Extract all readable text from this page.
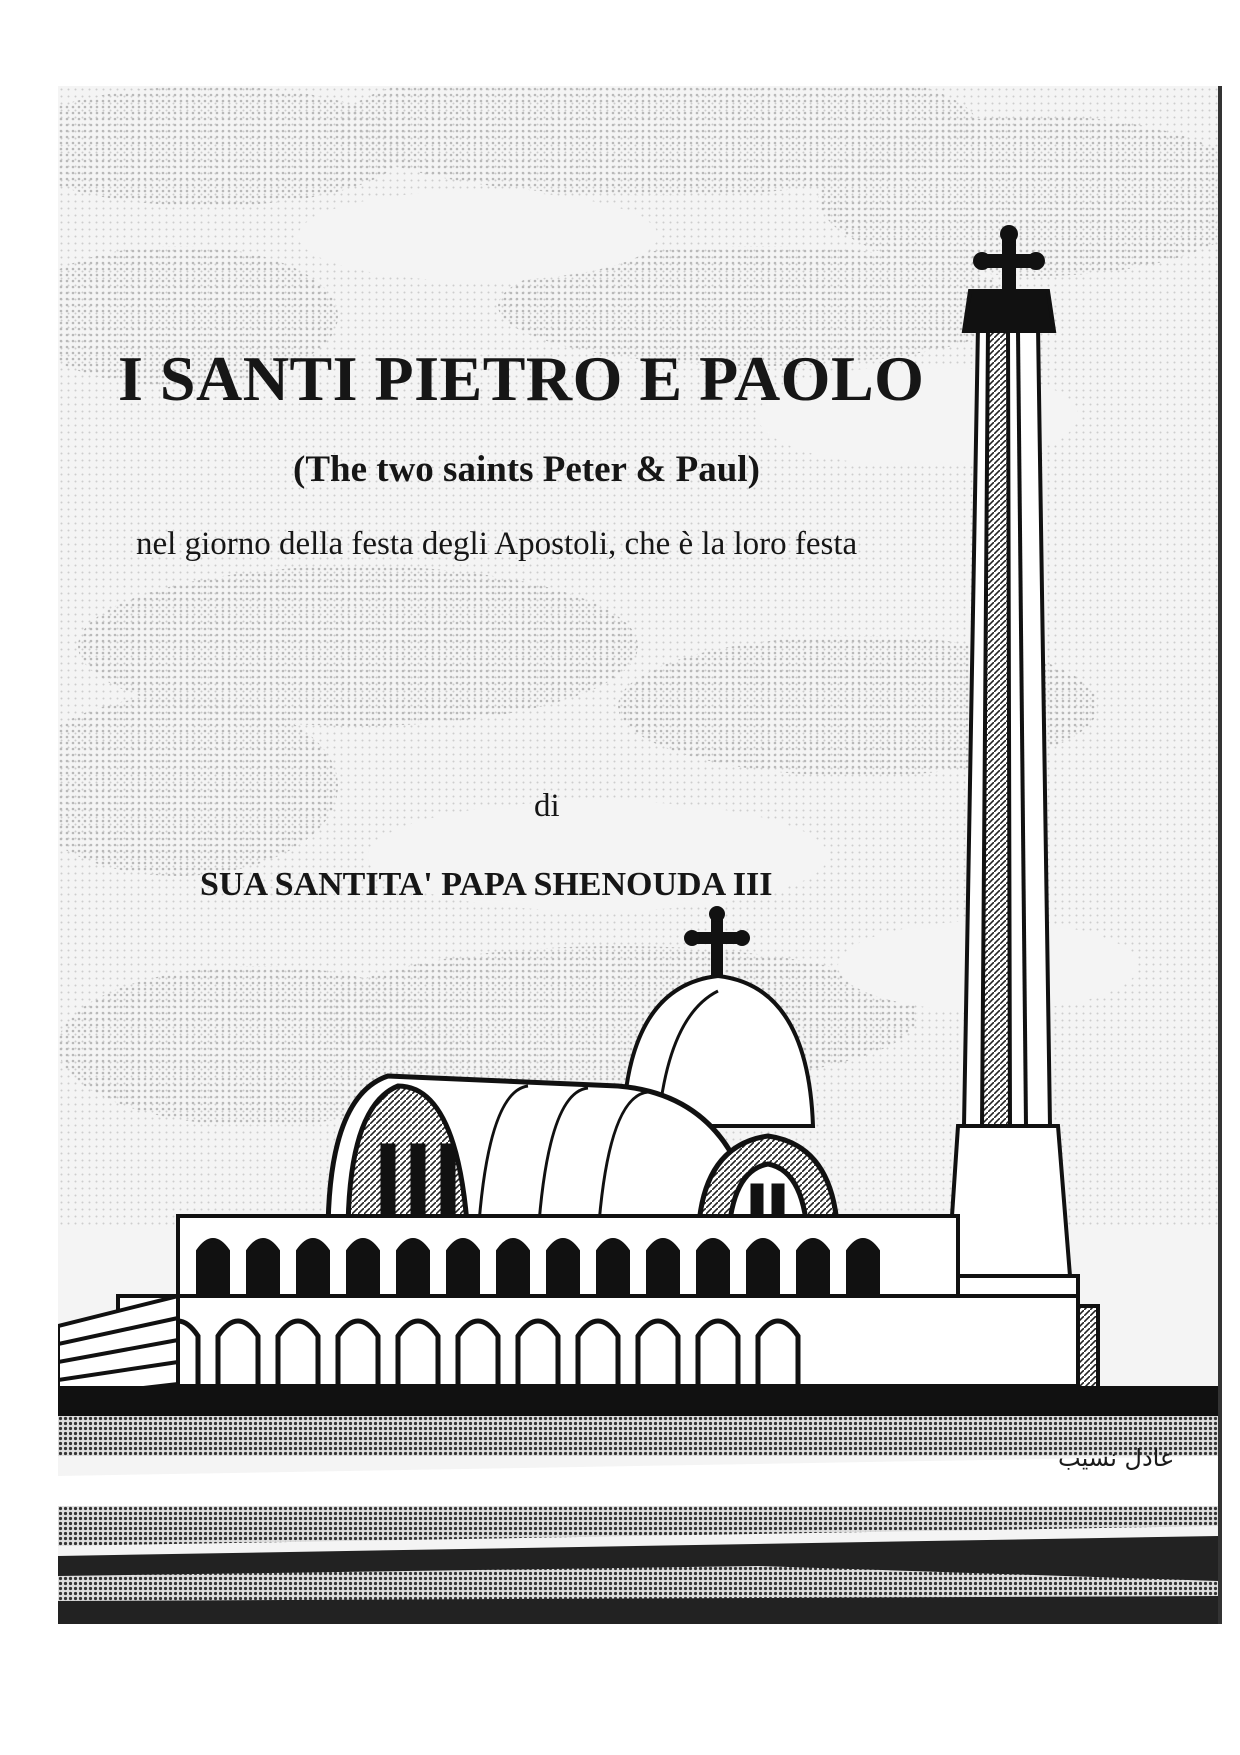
I SANTI PIETRO E PAOLO
(The two saints Peter & Paul)
nel giorno della festa degli Apostoli, che è la loro festa
di
SUA SANTITA' PAPA SHENOUDA III
عادل نسيب
